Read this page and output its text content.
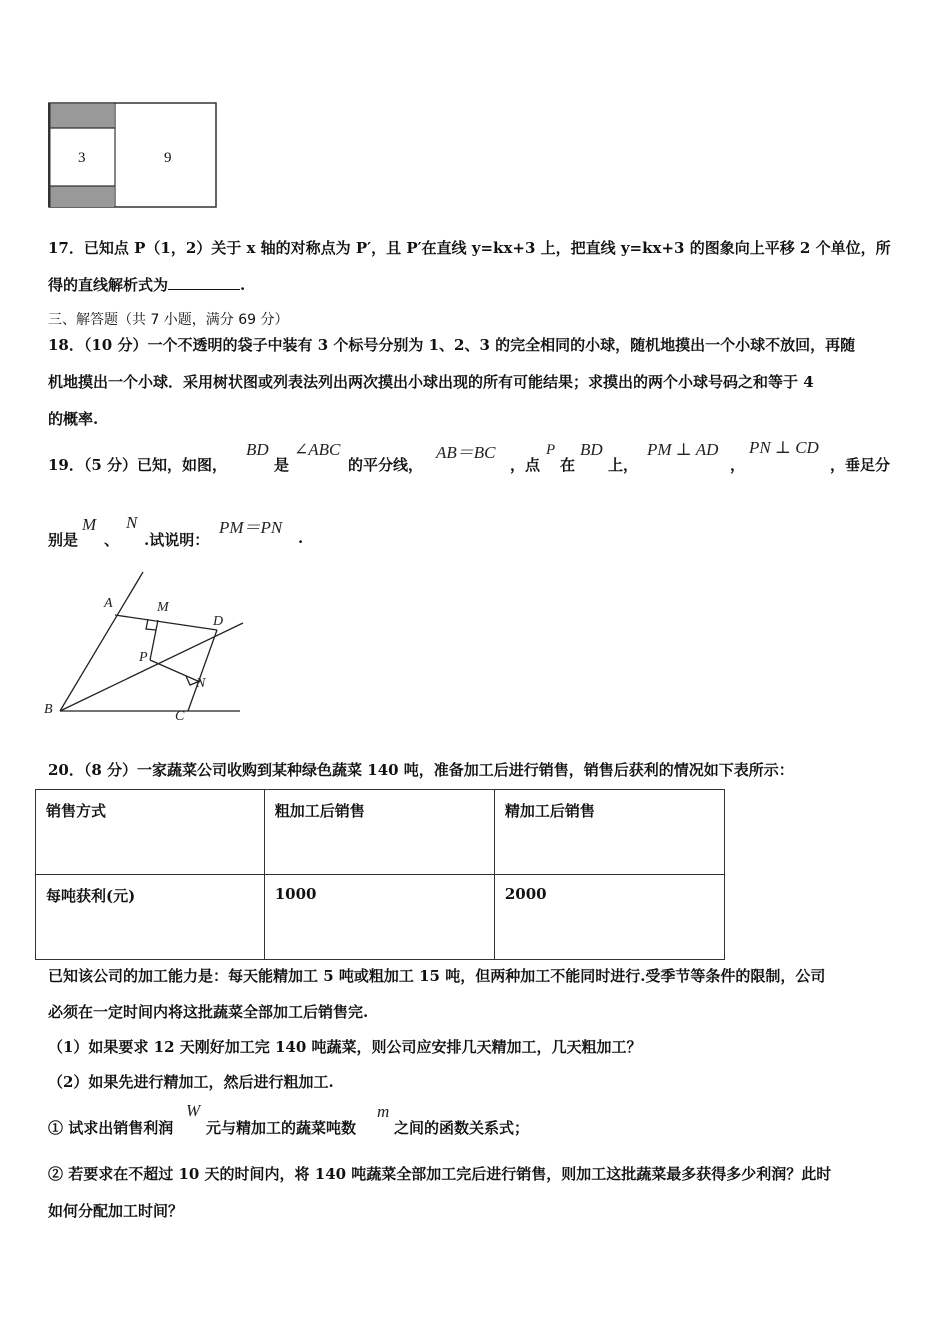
3	9
17．已知点 P（1，2）关于 x 轴的对称点为 P′，且 P′在直线 y=kx+3 上，把直线 y=kx+3 的图象向上平移 2 个单位，所
得的直线解析式为	.
三、解答题（共 7 小题，满分 69 分）
18．（10 分）一个不透明的袋子中装有 3 个标号分别为 1、2、3 的完全相同的小球，随机地摸出一个小球不放回，再随
机地摸出一个小球．采用树状图或列表法列出两次摸出小球出现的所有可能结果；求摸出的两个小球号码之和等于 4
的概率.
19．（5 分）已知，如图，
BD
是
∠ABC
的平分线，
AB＝BC
，点
P
在
BD
上，
PM ⊥ AD
，
PN ⊥ CD
，垂足分
别是
M
、
N
.试说明：
PM＝PN
.
A	M
D
P
N
B	C
20．（8 分）一家蔬菜公司收购到某种绿色蔬菜 140 吨，准备加工后进行销售，销售后获利的情况如下表所示：
销售方式	粗加工后销售	精加工后销售
每吨获利(元)	1000	2000
已知该公司的加工能力是：每天能精加工 5 吨或粗加工 15 吨，但两种加工不能同时进行.受季节等条件的限制，公司
必须在一定时间内将这批蔬菜全部加工后销售完.
（1）如果要求 12 天刚好加工完 140 吨蔬菜，则公司应安排几天精加工，几天粗加工？
（2）如果先进行精加工，然后进行粗加工.
① 试求出销售利润
W
元与精加工的蔬菜吨数
m
之间的函数关系式；
② 若要求在不超过 10 天的时间内，将 140 吨蔬菜全部加工完后进行销售，则加工这批蔬菜最多获得多少利润？此时
如何分配加工时间？
